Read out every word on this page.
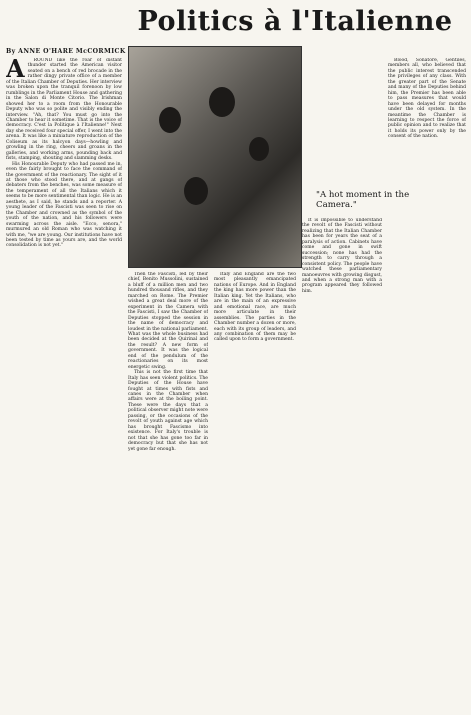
Politics à l'Italienne
By ANNE O'HARE McCORMICK
"A hot moment in the Camera."
A	ROUND like the roar of distant thunder started the American visitor seated on a bench of red brocade in the rather dingy private office of a member of the Italian Chamber of Deputies. Her interview was broken upon the tranquil forenoon by low rumblings in the Parliament House and gathering in the Salon di Monte Citorio. The Irishman showed her to a room from the Honourable Deputy who was so polite and visibly ending the interview. "Ah, that? You must go into the Chamber to hear it sometime. That is the voice of democracy. C'est la Politique à l'Italienne!" Next day she received four special offer, I went into the arena. It was like a miniature reproduction of the Coliseum as its halcyon days—howling and growling in the ring, cheers and groans in the galleries, and working arms, pounding back and fists, stamping, shouting and slamming desks.

His Honourable Deputy who had passed me in, even the fairly brought to face the command of the government of the reactionary. The sight of it at those who stood there, and at gangs of debaters from the benches, was some measure of the temperament of all the Italians which it seems to be more sentimental than logic. He is an aesthete, as I said, he stands and a reporter. A young leader of the Fascisti was seen to rise on the Chamber and crowned as the symbol of the youth of the nation, and his followers were swarming across the aisle. "Ecco, senora," murmured an old Roman who was watching it with me, "we are young. Our institutions have not been tested by time as yours are, and the world consolidation is not yet."

Then the Fascisti, led by their chief, Benito Mussolini, sustained a bluff of a million men and two hundred thousand rifles, and they marched on Rome. The Premier wished a great deal more of the experiment in the Camera with the Fascisti, I saw the Chamber of Deputies stopped the session in the name of democracy and loudest in the national parliament. What was the whole business had been decided at the Quirinal and the result? A new form of government. It was the logical end of the pendulum of the reactionaries on its most energetic swing.

This is not the first time that Italy has seen violent politics. The Deputies of the House have fought at times with fists and canes in the Chamber when affairs were at the boiling point. These were the days that a political observer might note were passing, or the occasions of the revolt of youth against age which has brought Fascismo into existence. For Italy's trouble is not that she has gone too far in democracy but that she has not yet gone far enough.

Italy and England are the two most pleasantly emancipated nations of Europe. And in England the king has more power than the Italian king. Yet the Italians, who are in the main of an expressive and emotional race, are much more articulate in their assemblies. The parties in the Chamber number a dozen or more, each with its group of leaders, and any combination of them may be called upon to form a government.

It is impossible to understand the revolt of the Fascisti without realizing that the Italian Chamber has been for years the seat of a paralysis of action. Cabinets have come and gone in swift succession; none has had the strength to carry through a consistent policy. The people have watched these parliamentary manoeuvres with growing disgust, and when a strong man with a program appeared they followed him.

Blood, Sonatore, Gentiles, members all, who believed that the public interest transcended the privileges of any class. With the greater part of the Senate and many of the Deputies behind him, the Premier has been able to pass measures that would have been delayed for months under the old system. In the meantime the Chamber is learning to respect the force of public opinion and to realize that it holds its power only by the consent of the nation.
